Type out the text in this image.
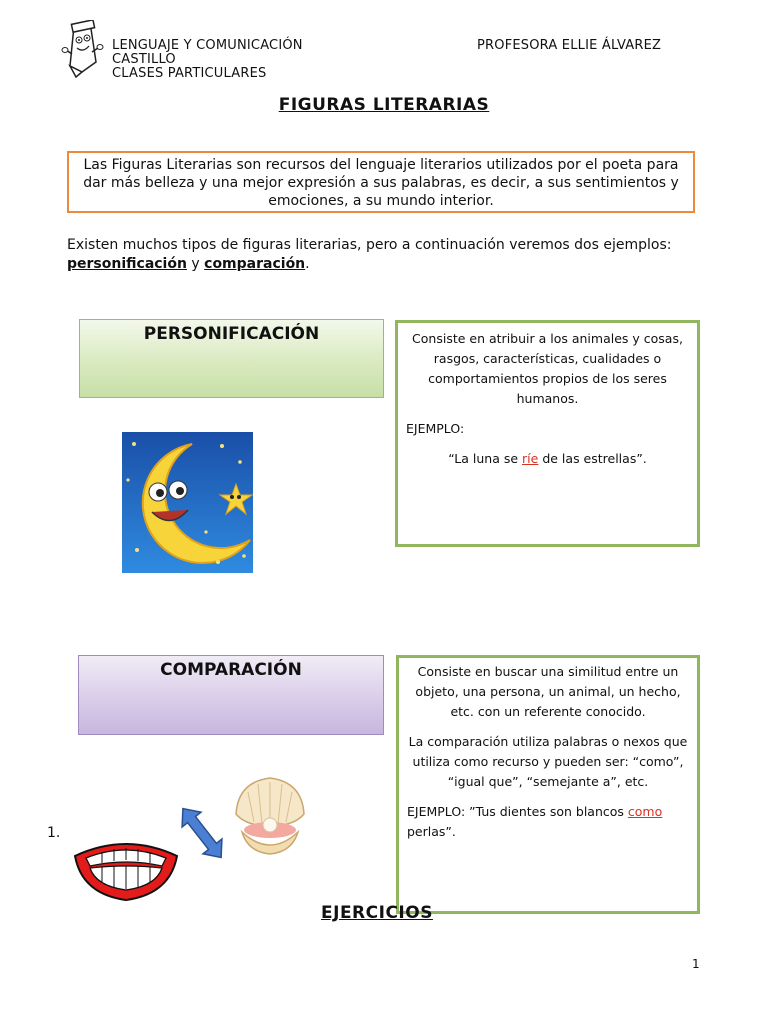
LENGUAJE Y COMUNICACIÓN
CASTILLO
CLASES PARTICULARES
PROFESORA ELLIE ÁLVAREZ
FIGURAS LITERARIAS
Las Figuras Literarias son recursos del lenguaje literarios utilizados por el poeta para dar más belleza y una mejor expresión a sus palabras, es decir, a sus sentimientos y emociones, a su mundo interior.
Existen muchos tipos de figuras literarias, pero a continuación veremos dos ejemplos: personificación y comparación.
PERSONIFICACIÓN	Consiste en atribuir a los animales y cosas, rasgos, características, cualidades o comportamientos propios de los seres humanos.

EJEMPLO:

“La luna se ríe de las estrellas”.

COMPARACIÓN	Consiste en buscar una similitud entre un objeto, una persona, un animal, un hecho, etc. con un referente conocido.

La comparación utiliza palabras o nexos que utiliza como recurso y pueden ser: “como”, “igual que”, “semejante a”, etc.

EJEMPLO: ”Tus dientes son blancos como perlas”.

1.
EJERCICIOS
1
